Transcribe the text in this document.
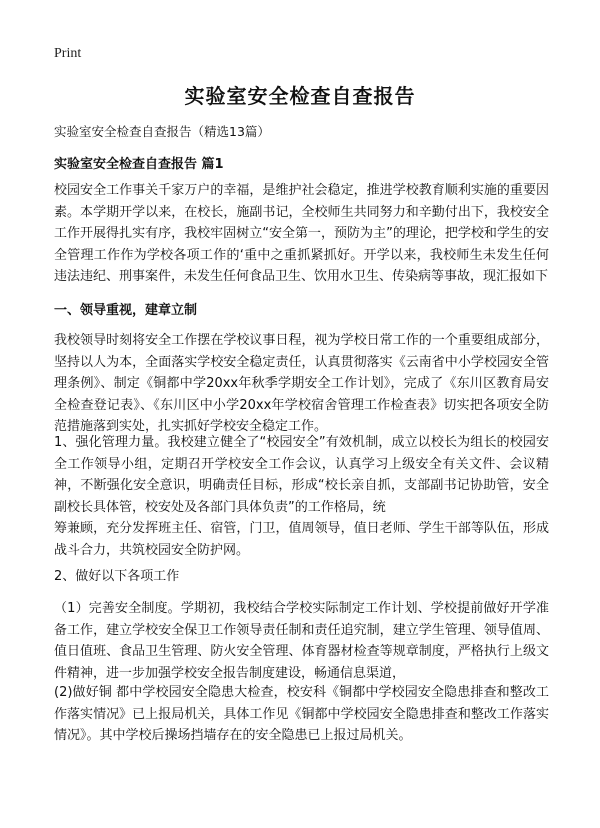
Print
实验室安全检查自查报告
实验室安全检查自查报告（精选13篇）
实验室安全检查自查报告 篇1

校园安全工作事关千家万户的幸福，是维护社会稳定，推进学校教育顺利实施的重要因素。本学期开学以来，在校长，施副书记，全校师生共同努力和辛勤付出下，我校安全工作开展得扎实有序，我校牢固树立“安全第一，预防为主”的理论，把学校和学生的安全管理工作作为学校各项工作的‘重中之重抓紧抓好。开学以来，我校师生未发生任何违法违纪、刑事案件，未发生任何食品卫生、饮用水卫生、传染病等事故，现汇报如下

一、领导重视，建章立制

我校领导时刻将安全工作摆在学校议事日程，视为学校日常工作的一个重要组成部分，坚持以人为本，全面落实学校安全稳定责任，认真贯彻落实《云南省中小学校园安全管理条例》、制定《铜都中学20xx年秋季学期安全工作计划》，完成了《东川区教育局安全检查登记表》、《东川区中小学20xx年学校宿舍管理工作检查表》切实把各项安全防范措施落到实处，扎实抓好学校安全稳定工作。

1、强化管理力量。我校建立健全了“校园安全”有效机制，成立以校长为组长的校园安全工作领导小组，定期召开学校安全工作会议，认真学习上级安全有关文件、会议精神，不断强化安全意识，明确责任目标，形成“校长亲自抓，支部副书记协助管，安全副校长具体管，校安处及各部门具体负责”的工作格局，统

筹兼顾，充分发挥班主任、宿管，门卫，值周领导，值日老师、学生干部等队伍，形成战斗合力，共筑校园安全防护网。

2、做好以下各项工作

（1）完善安全制度。学期初，我校结合学校实际制定工作计划、学校提前做好开学准备工作，建立学校安全保卫工作领导责任制和责任追究制，建立学生管理、领导值周、值日值班、食品卫生管理、防火安全管理、体育器材检查等规章制度，严格执行上级文件精神，进一步加强学校安全报告制度建设，畅通信息渠道，

(2)做好铜 都中学校园安全隐患大检查，校安科《铜都中学校园安全隐患排查和整改工作落实情况》已上报局机关，具体工作见《铜都中学校园安全隐患排查和整改工作落实情况》。其中学校后操场挡墙存在的安全隐患已上报过局机关。
